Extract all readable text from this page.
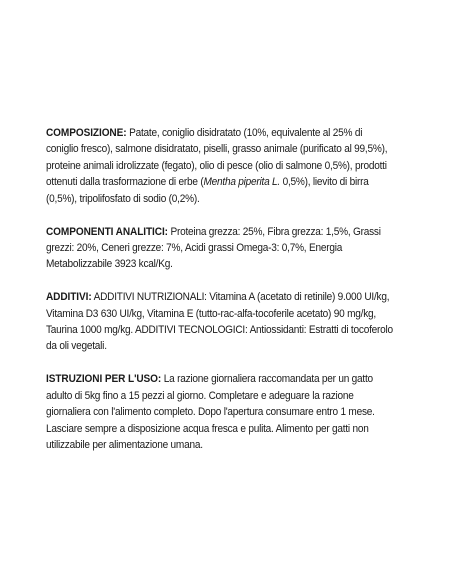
COMPOSIZIONE: Patate, coniglio disidratato (10%, equivalente al 25% di coniglio fresco), salmone disidratato, piselli, grasso animale (purificato al 99,5%), proteine animali idrolizzate (fegato), olio di pesce (olio di salmone 0,5%), prodotti ottenuti dalla trasformazione di erbe (Mentha piperita L. 0,5%), lievito di birra (0,5%), tripolifosfato di sodio (0,2%).

COMPONENTI ANALITICI: Proteina grezza: 25%, Fibra grezza: 1,5%, Grassi grezzi: 20%, Ceneri grezze: 7%, Acidi grassi Omega-3: 0,7%, Energia Metabolizzabile 3923 kcal/Kg.

ADDITIVI: ADDITIVI NUTRIZIONALI: Vitamina A (acetato di retinile) 9.000 UI/kg, Vitamina D3 630 UI/kg, Vitamina E (tutto-rac-alfa-tocoferile acetato) 90 mg/kg, Taurina 1000 mg/kg. ADDITIVI TECNOLOGICI: Antiossidanti: Estratti di tocoferolo da oli vegetali.

ISTRUZIONI PER L'USO: La razione giornaliera raccomandata per un gatto adulto di 5kg fino a 15 pezzi al giorno. Completare e adeguare la razione giornaliera con l'alimento completo. Dopo l'apertura consumare entro 1 mese. Lasciare sempre a disposizione acqua fresca e pulita. Alimento per gatti non utilizzabile per alimentazione umana.
